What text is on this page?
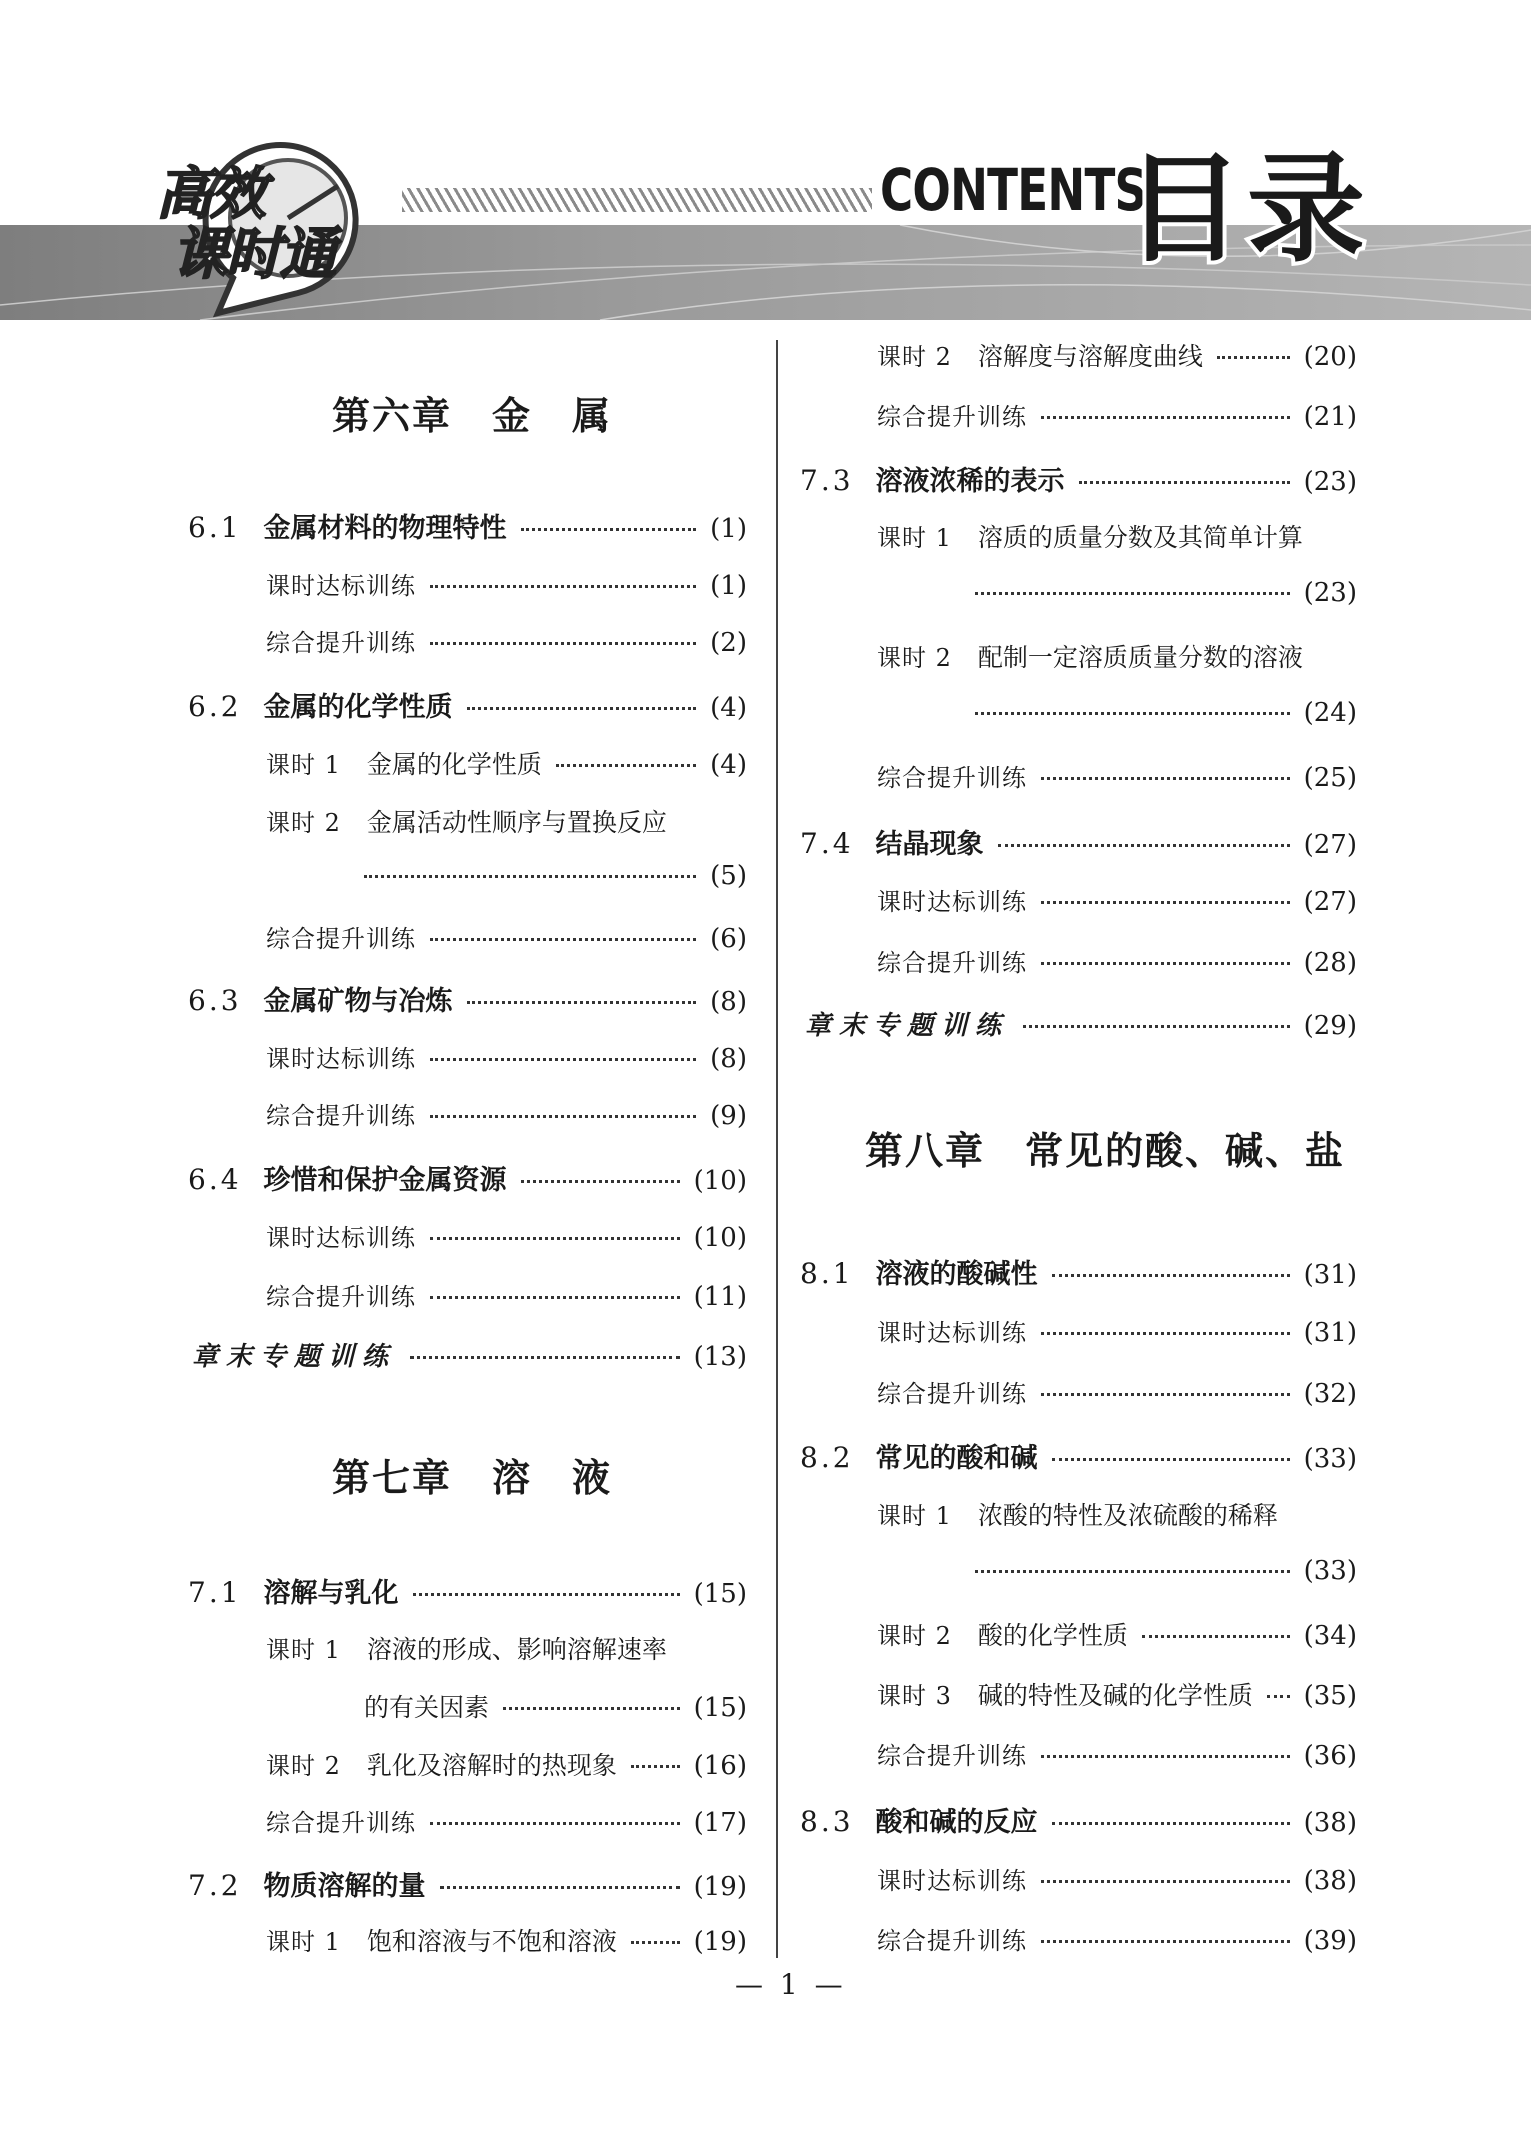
高效
课时通
CONTENTS
目录
第六章　金　属
6.1 金属材料的物理特性	(1)
课时达标训练	(1)
综合提升训练	(2)
6.2 金属的化学性质	(4)
课时 1 金属的化学性质	(4)
课时 2 金属活动性顺序与置换反应
(5)
综合提升训练	(6)
6.3 金属矿物与冶炼	(8)
课时达标训练	(8)
综合提升训练	(9)
6.4 珍惜和保护金属资源	(10)
课时达标训练	(10)
综合提升训练	(11)
章末专题训练	(13)
第七章　溶　液
7.1 溶解与乳化	(15)
课时 1 溶液的形成、影响溶解速率
的有关因素	(15)
课时 2 乳化及溶解时的热现象	(16)
综合提升训练	(17)
7.2 物质溶解的量	(19)
课时 1 饱和溶液与不饱和溶液	(19)
课时 2 溶解度与溶解度曲线	(20)
综合提升训练	(21)
7.3 溶液浓稀的表示	(23)
课时 1 溶质的质量分数及其简单计算
(23)
课时 2 配制一定溶质质量分数的溶液
(24)
综合提升训练	(25)
7.4 结晶现象	(27)
课时达标训练	(27)
综合提升训练	(28)
章末专题训练	(29)
第八章　常见的酸、碱、盐
8.1 溶液的酸碱性	(31)
课时达标训练	(31)
综合提升训练	(32)
8.2 常见的酸和碱	(33)
课时 1 浓酸的特性及浓硫酸的稀释
(33)
课时 2 酸的化学性质	(34)
课时 3 碱的特性及碱的化学性质 (35)
综合提升训练	(36)
8.3 酸和碱的反应	(38)
课时达标训练	(38)
综合提升训练	(39)
— 1 —
